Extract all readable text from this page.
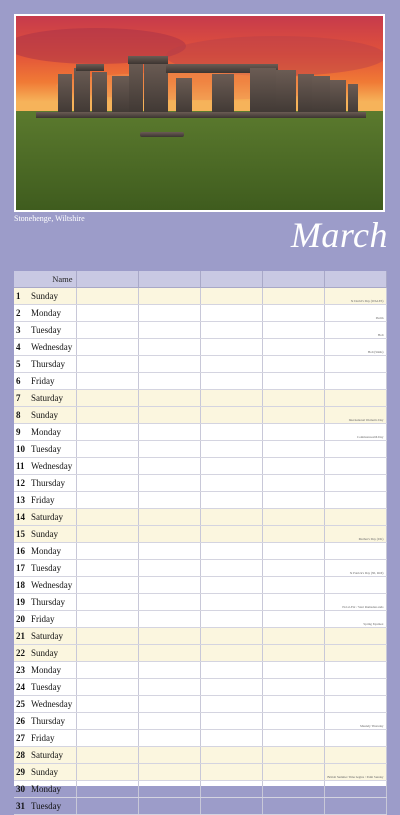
Stonehenge, Wiltshire	March
Name					

1 Sunday					St David's Day (WALES)

2 Monday					Purim

3 Tuesday					Holi

4 Wednesday					Holi (Sikhs)

5 Thursday					

6 Friday					

7 Saturday					

8 Sunday					International Women's Day

9 Monday					Commonwealth Day

10 Tuesday					

11 Wednesday					

12 Thursday					

13 Friday					

14 Saturday					

15 Sunday					Mother's Day (UK)

16 Monday					

17 Tuesday					St Patrick's Day (NI, ROI)

18 Wednesday					

19 Thursday					Eid al-Fitr / Start Ramadan ends

20 Friday					Spring Equinox

21 Saturday					

22 Sunday					

23 Monday					

24 Tuesday					

25 Wednesday					

26 Thursday					Maundy Thursday

27 Friday					

28 Saturday					

29 Sunday					British Summer Time begins / Palm Sunday

30 Monday					

31 Tuesday					
